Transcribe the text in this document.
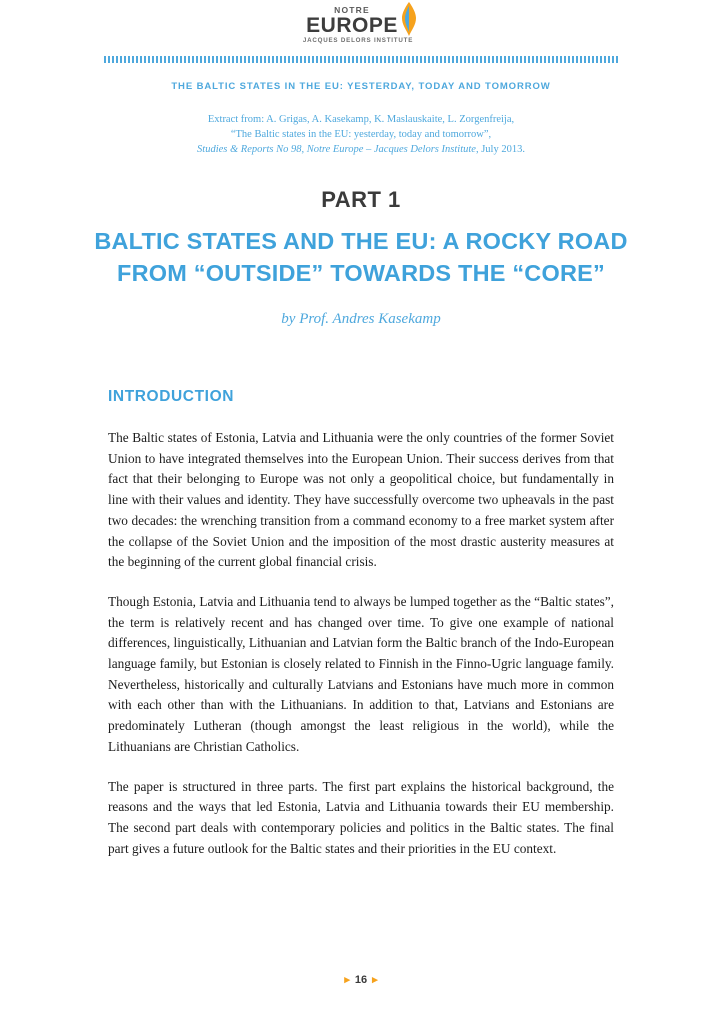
NOTRE
EUROPE
JACQUES DELORS INSTITUTE
THE BALTIC STATES IN THE EU: YESTERDAY, TODAY AND TOMORROW
Extract from: A. Grigas, A. Kasekamp, K. Maslauskaite, L. Zorgenfreija,
“The Baltic states in the EU: yesterday, today and tomorrow”,
Studies & Reports No 98, Notre Europe – Jacques Delors Institute, July 2013.
PART 1
BALTIC STATES AND THE EU: A ROCKY ROAD
FROM “OUTSIDE” TOWARDS THE “CORE”
by Prof. Andres Kasekamp
INTRODUCTION

The Baltic states of Estonia, Latvia and Lithuania were the only countries of the former Soviet Union to have integrated themselves into the European Union. Their success derives from that fact that their belonging to Europe was not only a geopolitical choice, but fundamentally in line with their values and identity. They have successfully overcome two upheavals in the past two decades: the wrenching transition from a command economy to a free market system after the collapse of the Soviet Union and the imposition of the most drastic austerity measures at the beginning of the current global financial crisis.

Though Estonia, Latvia and Lithuania tend to always be lumped together as the “Baltic states”, the term is relatively recent and has changed over time. To give one example of national differences, linguistically, Lithuanian and Latvian form the Baltic branch of the Indo-European language family, but Estonian is closely related to Finnish in the Finno-Ugric language family. Nevertheless, historically and culturally Latvians and Estonians have much more in common with each other than with the Lithuanians. In addition to that, Latvians and Estonians are predominately Lutheran (though amongst the least religious in the world), while the Lithuanians are Christian Catholics.

The paper is structured in three parts. The first part explains the historical background, the reasons and the ways that led Estonia, Latvia and Lithuania towards their EU membership. The second part deals with contemporary policies and politics in the Baltic states. The final part gives a future outlook for the Baltic states and their priorities in the EU context.

▸ 16 ▸
